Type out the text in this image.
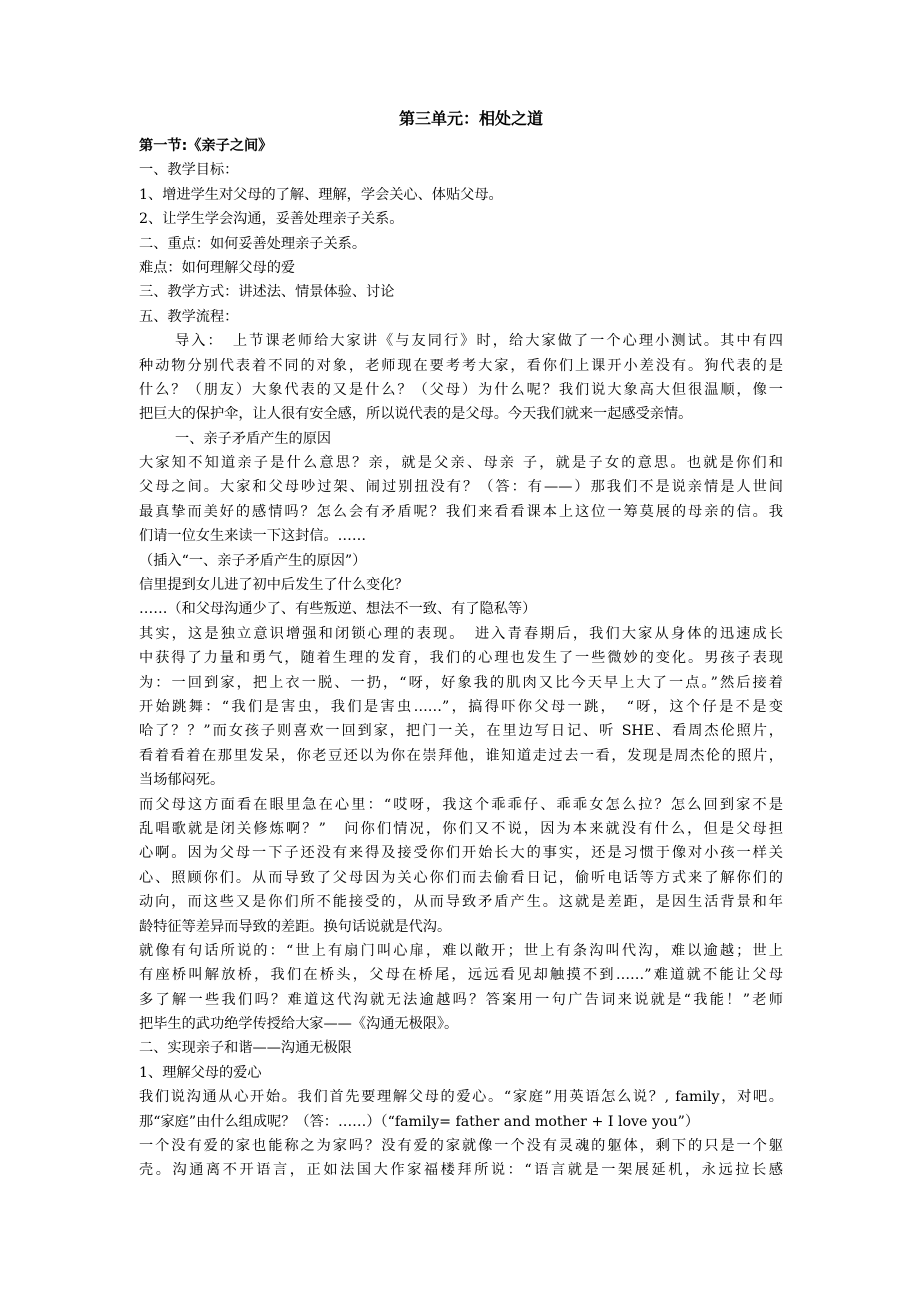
第三单元：相处之道

第一节:《亲子之间》

一、教学目标：

1、增进学生对父母的了解、理解，学会关心、体贴父母。

2、让学生学会沟通，妥善处理亲子关系。

二、重点：如何妥善处理亲子关系。

难点：如何理解父母的爱

三、教学方式：讲述法、情景体验、讨论

五、教学流程：

导入：　上节课老师给大家讲《与友同行》时，给大家做了一个心理小测试。其中有四

种动物分别代表着不同的对象，老师现在要考考大家，看你们上课开小差没有。狗代表的是

什么？（朋友）大象代表的又是什么？（父母）为什么呢？我们说大象高大但很温顺，像一

把巨大的保护伞，让人很有安全感，所以说代表的是父母。今天我们就来一起感受亲情。

一、亲子矛盾产生的原因

大家知不知道亲子是什么意思？亲，就是父亲、母亲 子，就是子女的意思。也就是你们和

父母之间。大家和父母吵过架、闹过别扭没有？（答：有——）那我们不是说亲情是人世间

最真挚而美好的感情吗？怎么会有矛盾呢？我们来看看课本上这位一筹莫展的母亲的信。我

们请一位女生来读一下这封信。……

（插入“一、亲子矛盾产生的原因”）

信里提到女儿进了初中后发生了什么变化？

……（和父母沟通少了、有些叛逆、想法不一致、有了隐私等）

其实，这是独立意识增强和闭锁心理的表现。　进入青春期后，我们大家从身体的迅速成长

中获得了力量和勇气，随着生理的发育，我们的心理也发生了一些微妙的变化。男孩子表现

为：一回到家，把上衣一脱、一扔，“呀，好象我的肌肉又比今天早上大了一点。”然后接着

开始跳舞：“我们是害虫，我们是害虫……”，搞得吓你父母一跳，　“呀，这个仔是不是变

哈了？？”而女孩子则喜欢一回到家，把门一关，在里边写日记、听 SHE、看周杰伦照片，

看着看着在那里发呆，你老豆还以为你在崇拜他，谁知道走过去一看，发现是周杰伦的照片，

当场郁闷死。

而父母这方面看在眼里急在心里：“哎呀，我这个乖乖仔、乖乖女怎么拉？怎么回到家不是

乱唱歌就是闭关修炼啊？”　问你们情况，你们又不说，因为本来就没有什么，但是父母担

心啊。因为父母一下子还没有来得及接受你们开始长大的事实，还是习惯于像对小孩一样关

心、照顾你们。从而导致了父母因为关心你们而去偷看日记，偷听电话等方式来了解你们的

动向，而这些又是你们所不能接受的，从而导致矛盾产生。这就是差距，是因生活背景和年

龄特征等差异而导致的差距。换句话说就是代沟。

就像有句话所说的：“世上有扇门叫心扉，难以敞开；世上有条沟叫代沟，难以逾越；世上

有座桥叫解放桥，我们在桥头，父母在桥尾，远远看见却触摸不到……”难道就不能让父母

多了解一些我们吗？难道这代沟就无法逾越吗？答案用一句广告词来说就是“我能！”老师

把毕生的武功绝学传授给大家——《沟通无极限》。

二、实现亲子和谐——沟通无极限

1、理解父母的爱心

我们说沟通从心开始。我们首先要理解父母的爱心。“家庭”用英语怎么说？, family，对吧。

那“家庭”由什么组成呢？（答：……）（“family= father and mother + I love you”）

一个没有爱的家也能称之为家吗？没有爱的家就像一个没有灵魂的躯体，剩下的只是一个躯

壳。沟通离不开语言，正如法国大作家福楼拜所说：“语言就是一架展延机，永远拉长感
